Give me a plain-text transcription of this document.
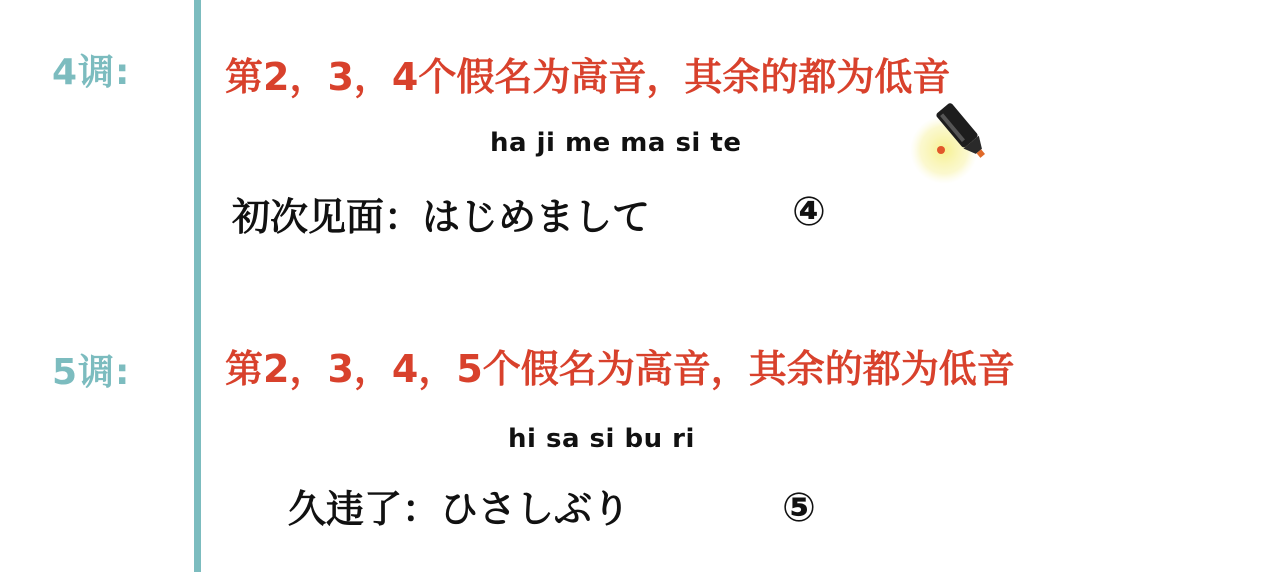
4调: 第2，3，4个假名为高音，其余的都为低音
ha ji me ma si te
初次见面：はじめまして	④
5调: 第2，3，4，5个假名为高音，其余的都为低音
hi sa si bu ri
久违了：ひさしぶり	⑤
